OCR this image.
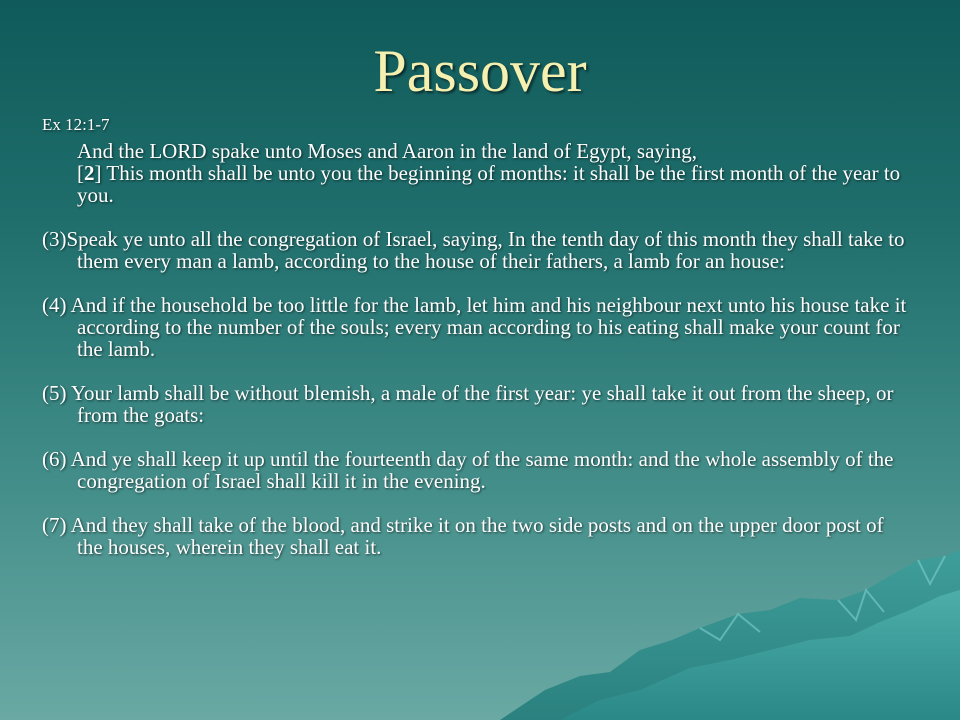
Passover

Ex 12:1-7

And the LORD spake unto Moses and Aaron in the land of Egypt, saying,
[2] This month shall be unto you the beginning of months: it shall be the first month of the year to you.

(3)Speak ye unto all the congregation of Israel, saying, In the tenth day of this month they shall take to them every man a lamb, according to the house of their fathers, a lamb for an house:

(4) And if the household be too little for the lamb, let him and his neighbour next unto his house take it according to the number of the souls; every man according to his eating shall make your count for the lamb.

(5) Your lamb shall be without blemish, a male of the first year: ye shall take it out from the sheep, or from the goats:

(6) And ye shall keep it up until the fourteenth day of the same month: and the whole assembly of the congregation of Israel shall kill it in the evening.

(7) And they shall take of the blood, and strike it on the two side posts and on the upper door post of the houses, wherein they shall eat it.
